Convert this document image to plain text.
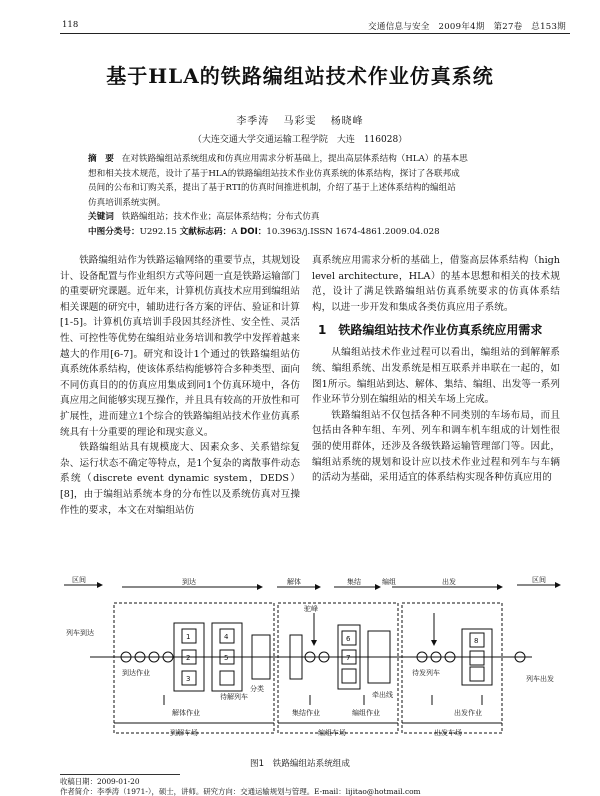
118	交通信息与安全　2009年4期　第27卷　总153期
基于HLA的铁路编组站技术作业仿真系统
李季涛 马彩雯 杨晓峰
（大连交通大学交通运输工程学院　大连　116028）
摘　要 在对铁路编组站系统组成和仿真应用需求分析基础上，提出高层体系结构（HLA）的基本思
想和相关技术规范，设计了基于HLA的铁路编组站技术作业仿真系统的体系结构，探讨了各联邦成
员间的公布和订购关系，提出了基于RTI的仿真时间推进机制，介绍了基于上述体系结构的编组站
仿真培训系统实例。
关键词 铁路编组站；技术作业；高层体系结构；分布式仿真
中图分类号：U292.15 文献标志码：A DOI：10.3963/j.ISSN 1674-4861.2009.04.028

铁路编组站作为铁路运输网络的重要节点，其规划设计、设备配置与作业组织方式等问题一直是铁路运输部门的重要研究课题。近年来，计算机仿真技术应用到编组站相关课题的研究中，辅助进行各方案的评估、验证和计算[1-5]。计算机仿真培训手段因其经济性、安全性、灵活性、可控性等优势在编组站业务培训和教学中发挥着越来越大的作用[6-7]。研究和设计1个通过的铁路编组站仿真系统体系结构，使该体系结构能够符合多种类型、面向不同仿真目的的仿真应用集成到同1个仿真环境中，各仿真应用之间能够实现互操作，并且具有较高的开放性和可扩展性，进而建立1个综合的铁路编组站技术作业仿真系统具有十分重要的理论和现实意义。

铁路编组站具有规模庞大、因素众多、关系错综复杂、运行状态不确定等特点，是1个复杂的离散事件动态系统（discrete event dynamic system，DEDS）[8]，由于编组站系统本身的分布性以及系统仿真对互操作性的要求，本文在对编组站仿

真系统应用需求分析的基础上，借鉴高层体系结构（high level architecture，HLA）的基本思想和相关的技术规范，设计了满足铁路编组站仿真系统要求的仿真体系结构，以进一步开发和集成各类仿真应用子系统。

1　铁路编组站技术作业仿真系统应用需求

从编组站技术作业过程可以看出，编组站的到解解系统、编组系统、出发系统是相互联系并串联在一起的，如图1所示。编组站到达、解体、集结、编组、出发等一系列作业环节分别在编组站的相关车场上完成。

铁路编组站不仅包括各种不同类别的车场布局，而且包括由各种车组、车列、列车和调车机车组成的计划性很强的使用群体，还涉及各级铁路运输管理部门等。因此，编组站系统的规划和设计应以技术作业过程和列车与车辆的活动为基础，采用适宜的体系结构实现各种仿真应用的

区间	到达	解体	集结	编组	出发	区间
列车到达
列车出发
到达作业
驼峰
待解列车
分类
牵出线
待发列车
解体作业	集结作业	编组作业	出发作业
到解车场	编组车场	出发车场
1
2
3
4
5
6
7
8
图1　铁路编组站系统组成
收稿日期：2009-01-20
作者简介：李季涛（1971-），硕士，讲师。研究方向：交通运输规划与管理。E-mail：lijitao@hotmail.com
